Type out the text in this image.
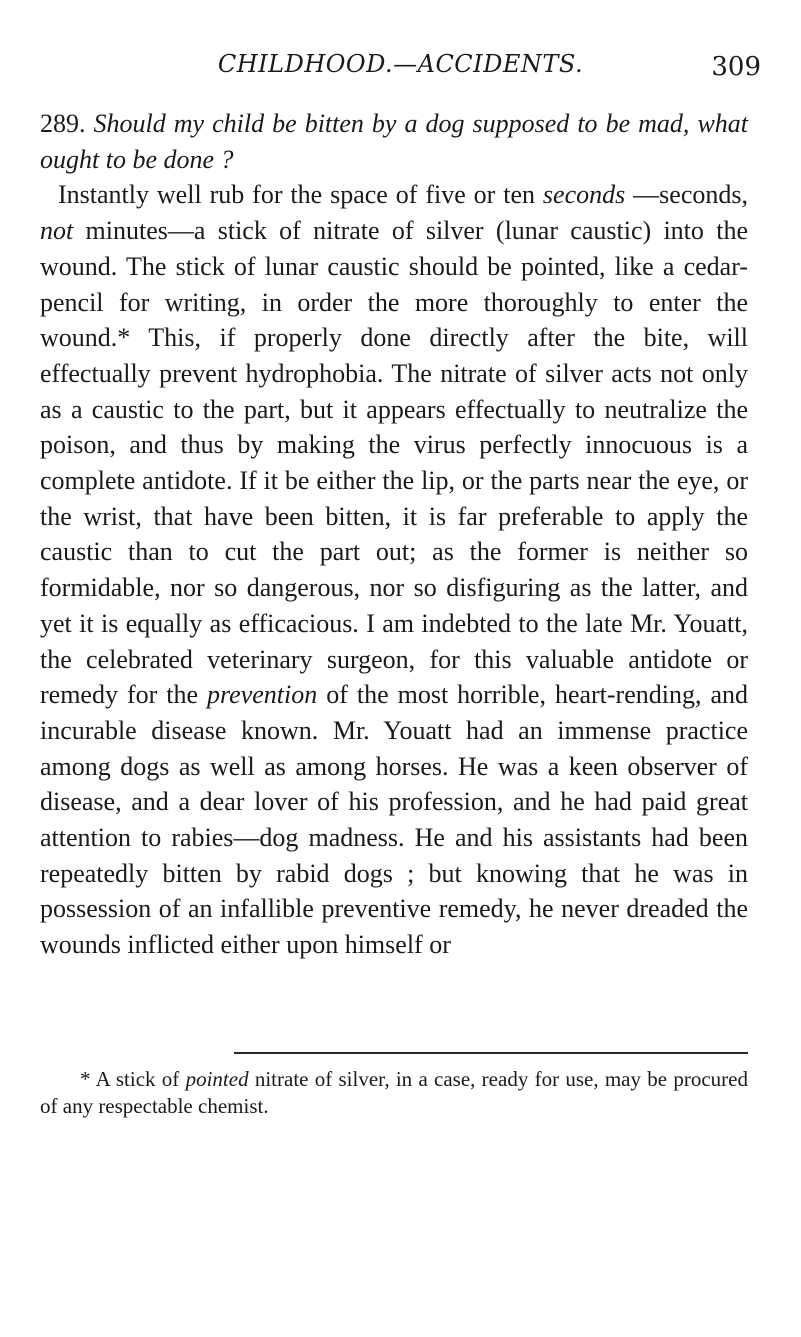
CHILDHOOD.—ACCIDENTS.	309
289. Should my child be bitten by a dog supposed to be mad, what ought to be done ?

Instantly well rub for the space of five or ten seconds —seconds, not minutes—a stick of nitrate of silver (lunar caustic) into the wound. The stick of lunar caustic should be pointed, like a cedar-pencil for writing, in order the more thoroughly to enter the wound.* This, if properly done directly after the bite, will effectually prevent hydrophobia. The nitrate of silver acts not only as a caustic to the part, but it appears effectually to neutralize the poison, and thus by making the virus perfectly innocuous is a complete antidote. If it be either the lip, or the parts near the eye, or the wrist, that have been bitten, it is far preferable to apply the caustic than to cut the part out; as the former is neither so formidable, nor so dangerous, nor so disfiguring as the latter, and yet it is equally as efficacious. I am indebted to the late Mr. Youatt, the celebrated veterinary surgeon, for this valuable antidote or remedy for the prevention of the most horrible, heart-rending, and incurable disease known. Mr. Youatt had an immense practice among dogs as well as among horses. He was a keen observer of disease, and a dear lover of his profession, and he had paid great attention to rabies—dog madness. He and his assistants had been repeatedly bitten by rabid dogs ; but knowing that he was in possession of an infallible preventive remedy, he never dreaded the wounds inflicted either upon himself or

* A stick of pointed nitrate of silver, in a case, ready for use, may be procured of any respectable chemist.
